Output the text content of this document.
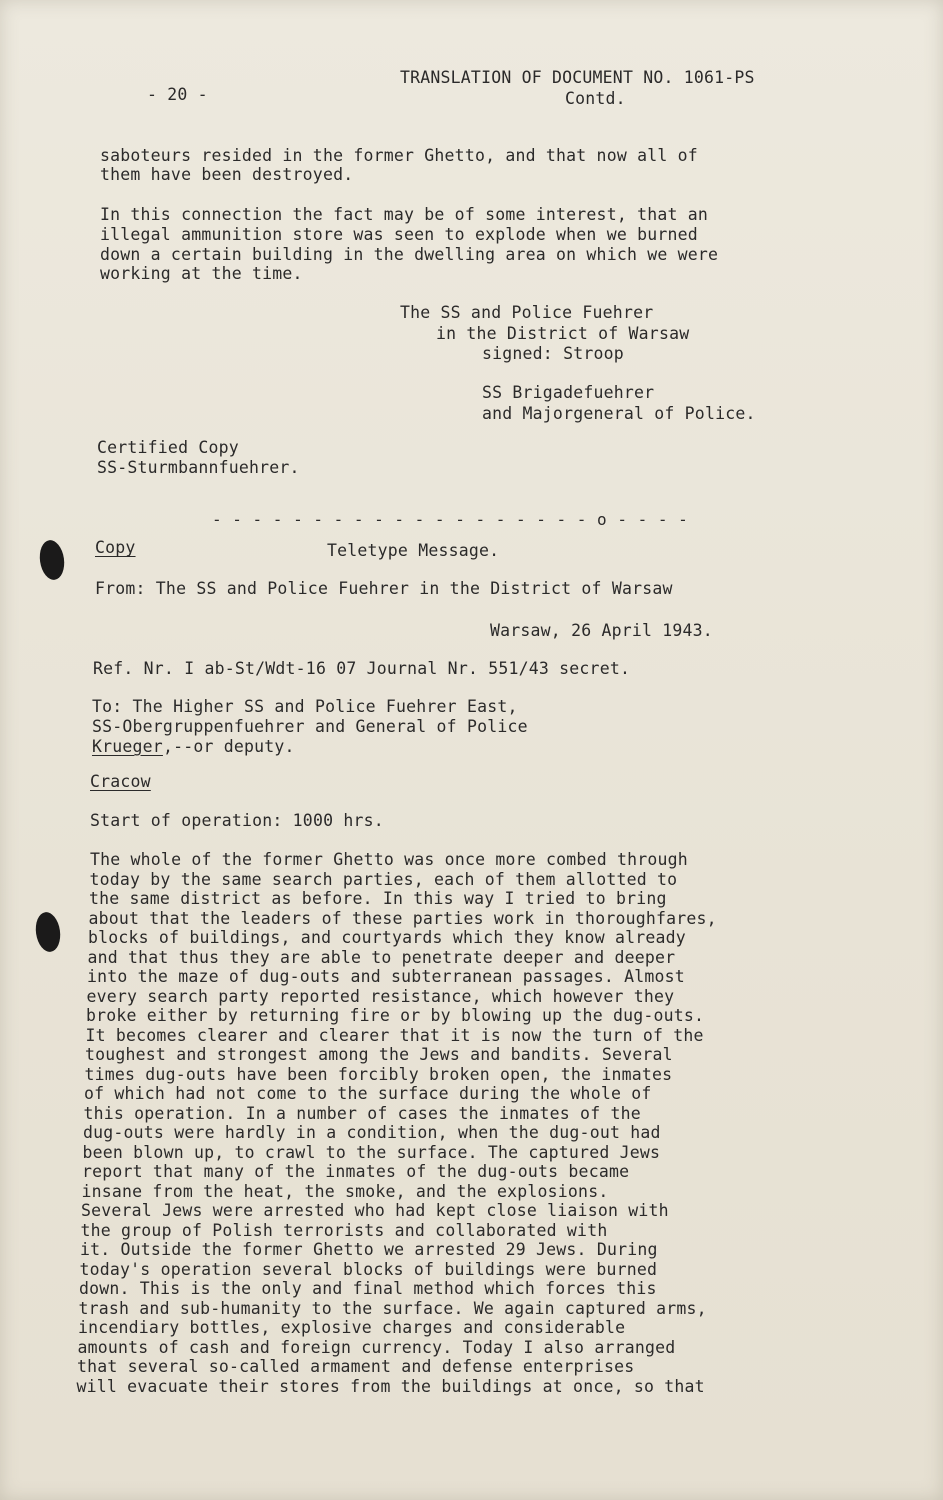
- 20 -
TRANSLATION OF DOCUMENT NO. 1061-PS
Contd.
saboteurs resided in the former Ghetto, and that now all of
them have been destroyed.
In this connection the fact may be of some interest, that an
illegal ammunition store was seen to explode when we burned
down a certain building in the dwelling area on which we were
working at the time.
The SS and Police Fuehrer
in the District of Warsaw
signed: Stroop
SS Brigadefuehrer
and Majorgeneral of Police.
Certified Copy
SS-Sturmbannfuehrer.
- - - - - - - - - - - - - - - - - - - o - - - -
Copy	Teletype Message.
From: The SS and Police Fuehrer in the District of Warsaw
Warsaw, 26 April 1943.
Ref. Nr. I ab-St/Wdt-16 07 Journal Nr. 551/43 secret.
To: The Higher SS and Police Fuehrer East,
SS-Obergruppenfuehrer and General of Police
Krueger,--or deputy.
Cracow
Start of operation: 1000 hrs.
The whole of the former Ghetto was once more combed through
today by the same search parties, each of them allotted to
the same district as before. In this way I tried to bring
about that the leaders of these parties work in thoroughfares,
blocks of buildings, and courtyards which they know already
and that thus they are able to penetrate deeper and deeper
into the maze of dug-outs and subterranean passages. Almost
every search party reported resistance, which however they
broke either by returning fire or by blowing up the dug-outs.
It becomes clearer and clearer that it is now the turn of the
toughest and strongest among the Jews and bandits. Several
times dug-outs have been forcibly broken open, the inmates
of which had not come to the surface during the whole of
this operation. In a number of cases the inmates of the
dug-outs were hardly in a condition, when the dug-out had
been blown up, to crawl to the surface. The captured Jews
report that many of the inmates of the dug-outs became
insane from the heat, the smoke, and the explosions.
Several Jews were arrested who had kept close liaison with
the group of Polish terrorists and collaborated with
it. Outside the former Ghetto we arrested 29 Jews. During
today's operation several blocks of buildings were burned
down. This is the only and final method which forces this
trash and sub-humanity to the surface. We again captured arms,
incendiary bottles, explosive charges and considerable
amounts of cash and foreign currency. Today I also arranged
that several so-called armament and defense enterprises
will evacuate their stores from the buildings at once, so that
